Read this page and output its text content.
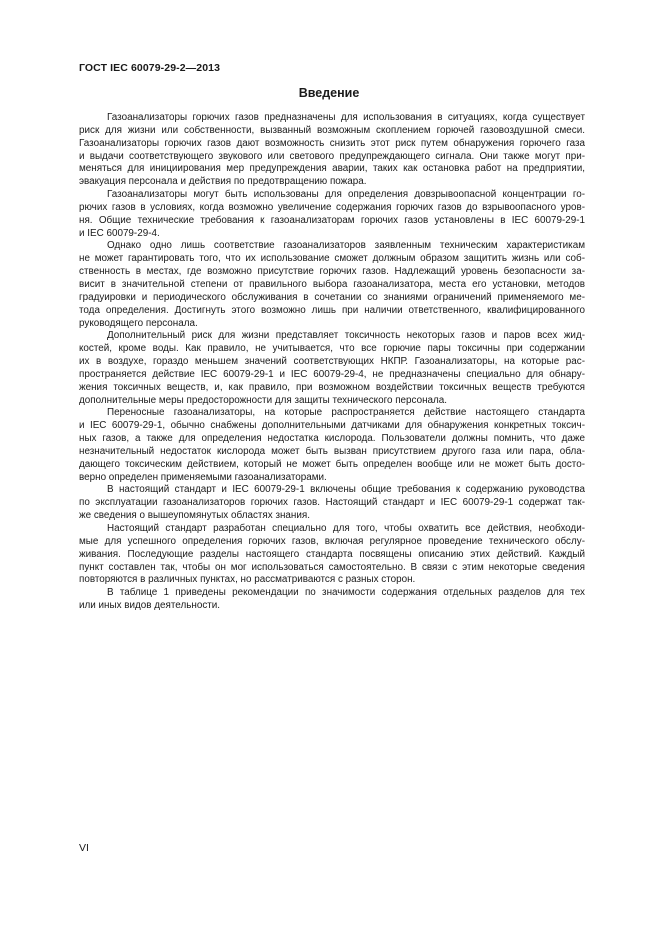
ГОСТ IEC 60079-29-2—2013
Введение

Газоанализаторы горючих газов предназначены для использования в ситуациях, когда существует
риск для жизни или собственности, вызванный возможным скоплением горючей газовоздушной смеси.
Газоанализаторы горючих газов дают возможность снизить этот риск путем обнаружения горючего газа
и выдачи соответствующего звукового или светового предупреждающего сигнала. Они также могут при-
меняться для инициирования мер предупреждения аварии, таких как остановка работ на предприятии,
эвакуация персонала и действия по предотвращению пожара.

Газоанализаторы могут быть использованы для определения довзрывоопасной концентрации го-
рючих газов в условиях, когда возможно увеличение содержания горючих газов до взрывоопасного уров-
ня. Общие технические требования к газоанализаторам горючих газов установлены в IEC 60079-29-1
и IEC 60079-29-4.

Однако одно лишь соответствие газоанализаторов заявленным техническим характеристикам
не может гарантировать того, что их использование сможет должным образом защитить жизнь или соб-
ственность в местах, где возможно присутствие горючих газов. Надлежащий уровень безопасности за-
висит в значительной степени от правильного выбора газоанализатора, места его установки, методов
градуировки и периодического обслуживания в сочетании со знаниями ограничений применяемого ме-
тода определения. Достигнуть этого возможно лишь при наличии ответственного, квалифицированного
руководящего персонала.

Дополнительный риск для жизни представляет токсичность некоторых газов и паров всех жид-
костей, кроме воды. Как правило, не учитывается, что все горючие пары токсичны при содержании
их в воздухе, гораздо меньшем значений соответствующих НКПР. Газоанализаторы, на которые рас-
пространяется действие IEC 60079-29-1 и IEC 60079-29-4, не предназначены специально для обнару-
жения токсичных веществ, и, как правило, при возможном воздействии токсичных веществ требуются
дополнительные меры предосторожности для защиты технического персонала.

Переносные газоанализаторы, на которые распространяется действие настоящего стандарта
и IEC 60079-29-1, обычно снабжены дополнительными датчиками для обнаружения конкретных токсич-
ных газов, а также для определения недостатка кислорода. Пользователи должны помнить, что даже
незначительный недостаток кислорода может быть вызван присутствием другого газа или пара, обла-
дающего токсическим действием, который не может быть определен вообще или не может быть досто-
верно определен применяемыми газоанализаторами.

В настоящий стандарт и IEC 60079-29-1 включены общие требования к содержанию руководства
по эксплуатации газоанализаторов горючих газов. Настоящий стандарт и IEC 60079-29-1 содержат так-
же сведения о вышеупомянутых областях знания.

Настоящий стандарт разработан специально для того, чтобы охватить все действия, необходи-
мые для успешного определения горючих газов, включая регулярное проведение технического обслу-
живания. Последующие разделы настоящего стандарта посвящены описанию этих действий. Каждый
пункт составлен так, чтобы он мог использоваться самостоятельно. В связи с этим некоторые сведения
повторяются в различных пунктах, но рассматриваются с разных сторон.

В таблице 1 приведены рекомендации по значимости содержания отдельных разделов для тех
или иных видов деятельности.

VI
